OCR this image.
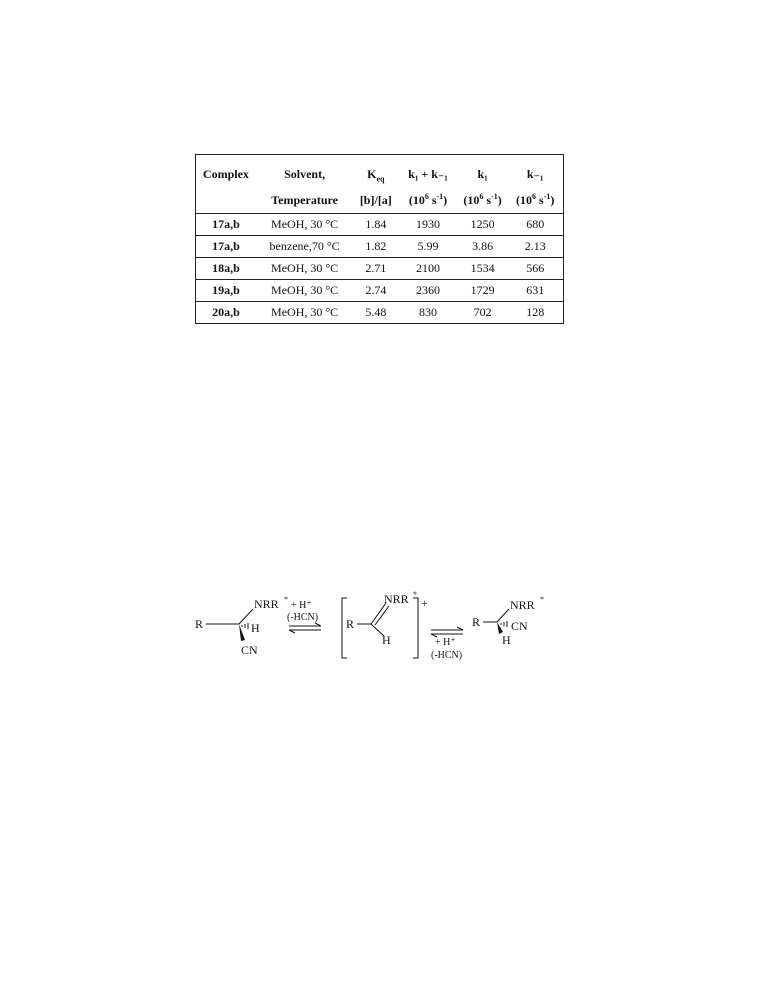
Complex	Solvent,	$K_{eq}$	k₁ + k₋₁	k₁	k₋₁
	Temperature	[b]/[a]	($10^6$ $s^{-1}$)	($10^6$ $s^{-1}$)	($10^6$ $s^{-1}$)
17a,b	MeOH, 30 °C	1.84	1930	1250	680
17a,b	benzene,70 °C	1.82	5.99	3.86	2.13
18a,b	MeOH, 30 °C	2.71	2100	1534	566
19a,b	MeOH, 30 °C	2.74	2360	1729	631
20a,b	MeOH, 30 °C	5.48	830	702	128
NRR *
R	H
CN
+ H⁺
(-HCN) R
NRR *
H
+
+ H⁺
(-HCN)
NRR *
R	CN
H
